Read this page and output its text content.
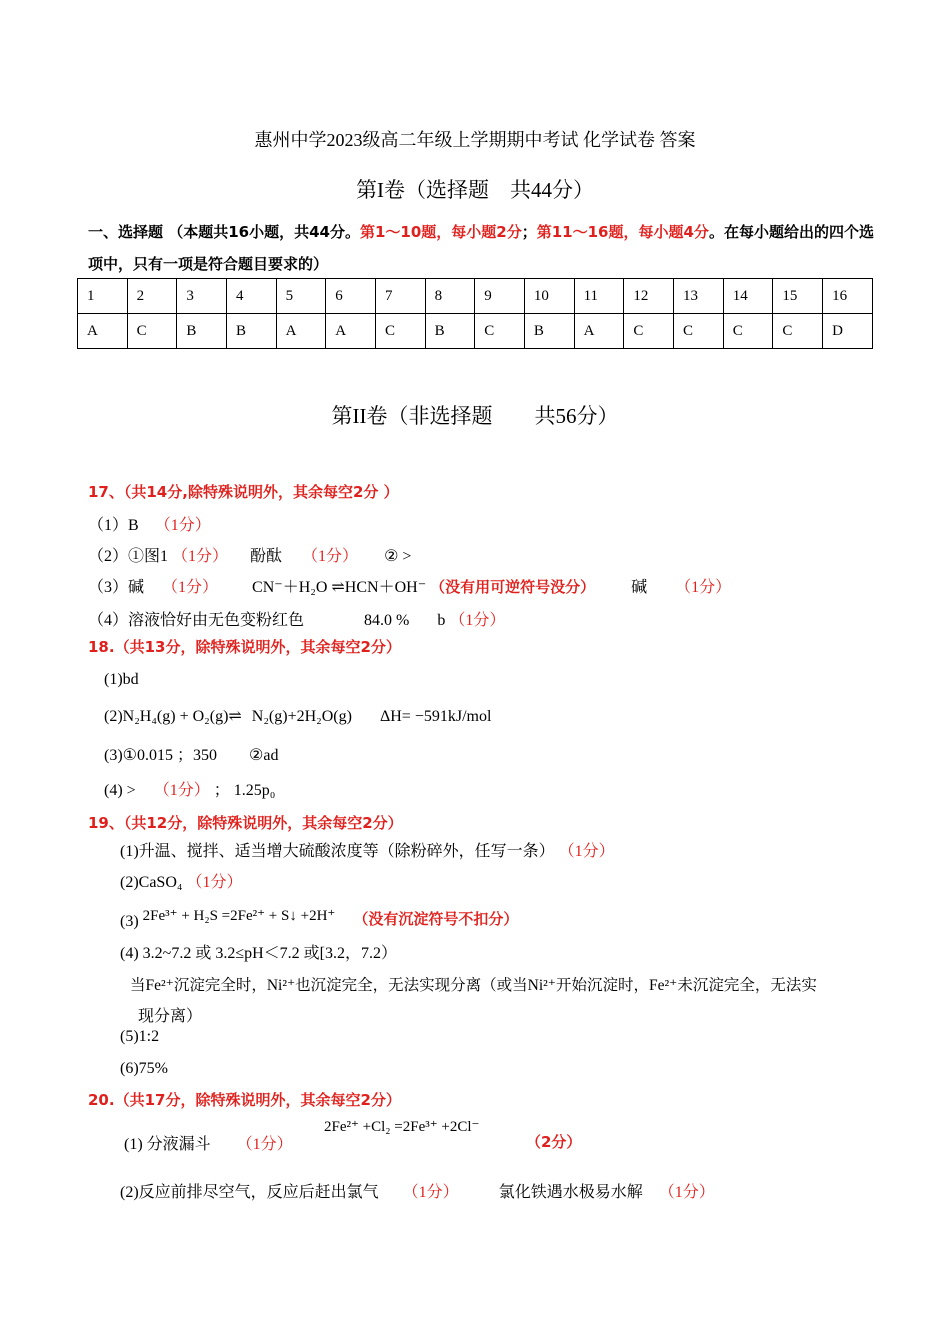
惠州中学2023级高二年级上学期期中考试 化学试卷 答案
第I卷（选择题　共44分）
一、选择题 （本题共16小题，共44分。第1～10题，每小题2分；第11～16题，每小题4分。在每小题给出的四个选项中，只有一项是符合题目要求的）
1	2	3	4	5	6	7	8	9	10	11	12	13	14	15	16
A	C	B	B	A	A	C	B	C	B	A	C	C	C	C	D
第II卷（非选择题　　共56分）
17、（共14分,除特殊说明外，其余每空2分 ）
（1）B （1分）
（2）①图1 （1分） 酚酞 （1分） ② >
（3）碱 （1分） CN⁻＋H₂O ⇌HCN＋OH⁻ （没有用可逆符号没分） 碱 （1分）
（4）溶液恰好由无色变粉红色	84.0 % b （1分）
18.（共13分，除特殊说明外，其余每空2分）
(1)bd
(2)N₂H₄(g) + O₂(g)⇌ N₂(g)+2H₂O(g) ΔH= −591kJ/mol
(3)①0.015 ；350 ②ad
(4) > （1分） ； 1.25p₀
19、（共12分，除特殊说明外，其余每空2分）
(1)升温、搅拌、适当增大硫酸浓度等（除粉碎外，任写一条） （1分）
(2)CaSO₄ （1分）
(3) 2Fe³⁺ + H₂S =2Fe²⁺ + S↓ +2H⁺ （没有沉淀符号不扣分）
(4) 3.2~7.2 或 3.2≤pH＜7.2 或[3.2，7.2）
当Fe²⁺沉淀完全时，Ni²⁺也沉淀完全，无法实现分离（或当Ni²⁺开始沉淀时，Fe²⁺未沉淀完全，无法实
现分离）
(5)1:2
(6)75%
20.（共17分，除特殊说明外，其余每空2分）
(1) 分液漏斗 （1分）
2Fe²⁺ +Cl₂ =2Fe³⁺ +2Cl⁻
（2分）
(2)反应前排尽空气，反应后赶出氯气 （1分）	氯化铁遇水极易水解 （1分）
